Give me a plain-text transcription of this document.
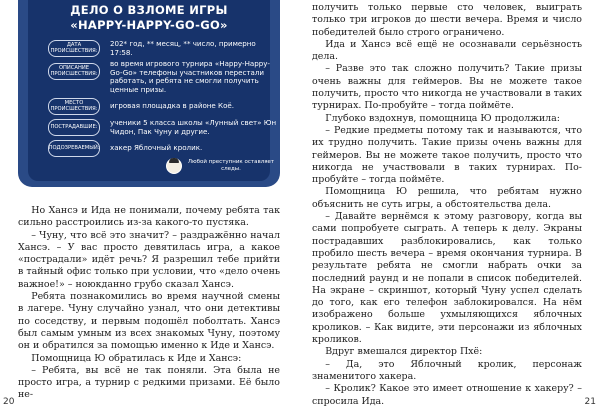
ДЕЛО О ВЗЛОМЕ ИГРЫ
«HAPPY-HAPPY-GO-GO»
ДАТА ПРОИСШЕСТВИЯ:
202* год, ** месяц, ** число, примерно 17:58.
ОПИСАНИЕ ПРОИСШЕСТВИЯ:
во время игрового турнира «Happy-Happy-Go-Go» телефоны участников перестали работать, и ребята не смогли получить ценные призы.
МЕСТО ПРОИСШЕСТВИЯ:	игровая площадка в районе Коё.
ПОСТРАДАВШИЕ:	ученики 5 класса школы «Лунный свет» Юн Чидон, Пак Чуну и другие.
ПОДОЗРЕВАЕМЫЙ: хакер Яблочный кролик.
Любой преступник оставляет следы.

Но Хансэ и Ида не понимали, почему ребята так сильно расстроились из-за какого-то пустяка.

– Чуну, что всё это значит? – раздражённо начал Хансэ. – У вас просто девятилась игра, а какое «пострадали» идёт речь? Я разрешил тебе прийти в тайный офис только при условии, что «дело очень важное!» – ноюкданно грубо сказал Хансэ.

Ребята познакомились во время научной смены в лагере. Чуну случайно узнал, что они детективы по соседству, и первым подошёл поболтать. Хансэ был самым умным из всех знакомых Чуну, поэтому он и обратился за помощью именно к Иде и Хансэ.

Помощница Ю обратилась к Иде и Хансэ:

– Ребята, вы всё не так поняли. Эта была не просто игра, а турнир с редкими призами. Её было не-

20

получить только первые сто человек, выиграть только три игроков до шести вечера. Время и число победителей было строго ограничено.

Ида и Хансэ всё ещё не осознавали серьёзность дела.

– Разве это так сложно получить? Такие призы очень важны для геймеров. Вы не можете такое получить, просто что никогда не участвовали в таких турнирах. По-пробуйте – тогда поймёте.

Глубоко вздохнув, помощница Ю продолжила:

– Редкие предметы потому так и называются, что их трудно получить. Такие призы очень важны для геймеров. Вы не можете такое получить, просто что никогда не участвовали в таких турнирах. По-пробуйте – тогда поймёте.

Помощница Ю решила, что ребятам нужно объяснить не суть игры, а обстоятельства дела.

– Давайте вернёмся к этому разговору, когда вы сами попробуете сыграть. А теперь к делу. Экраны пострадавших разблокировались, как только пробило шесть вечера – время окончания турнира. В результате ребята не смогли набрать очки за последний раунд и не попали в список победителей. На экране – скриншот, который Чуну успел сделать до того, как его телефон заблокировался. На нём изображено больше ухмыляющихся яблочных кроликов. – Как видите, эти персонажи из яблочных кроликов.

Вдруг вмешался директор Пхё:

– Да, это Яблочный кролик, персонаж знаменитого хакера.

– Кролик? Какое это имеет отношение к хакеру? – спросила Ида.	21
